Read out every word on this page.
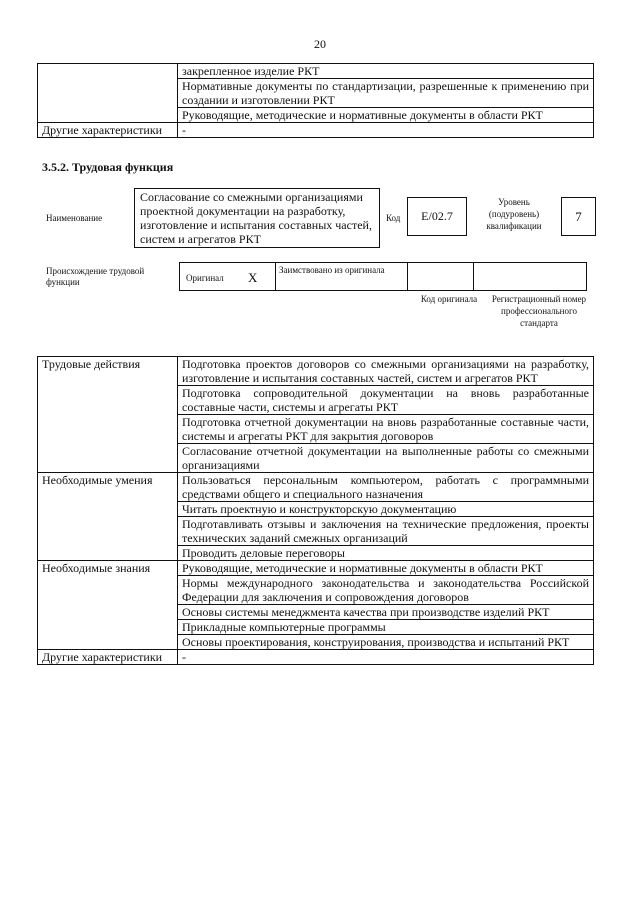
20
	закрепленное изделие РКТ
	Нормативные документы по стандартизации, разрешенные к применению при создании и изготовлении РКТ
	Руководящие, методические и нормативные документы в области РКТ
Другие характеристики	-
3.5.2. Трудовая функция
Наименование
Согласование со смежными организациями проектной документации на разработку, изготовление и испытания составных частей, систем и агрегатов РКТ
Код	E/02.7
Уровень (подуровень) квалификации
7
Происхождение трудовой функции	Оригинал X	Заимствовано из оригинала
Код оригинала	Регистрационный номер профессионального стандарта
Трудовые действия	Подготовка проектов договоров со смежными организациями на разработку, изготовление и испытания составных частей, систем и агрегатов РКТ
	Подготовка сопроводительной документации на вновь разработанные составные части, системы и агрегаты РКТ
	Подготовка отчетной документации на вновь разработанные составные части, системы и агрегаты РКТ для закрытия договоров
	Согласование отчетной документации на выполненные работы со смежными организациями
Необходимые умения	Пользоваться персональным компьютером, работать с программными средствами общего и специального назначения
	Читать проектную и конструкторскую документацию
	Подготавливать отзывы и заключения на технические предложения, проекты технических заданий смежных организаций
	Проводить деловые переговоры
Необходимые знания	Руководящие, методические и нормативные документы в области РКТ
	Нормы международного законодательства и законодательства Российской Федерации для заключения и сопровождения договоров
	Основы системы менеджмента качества при производстве изделий РКТ
	Прикладные компьютерные программы
	Основы проектирования, конструирования, производства и испытаний РКТ
Другие характеристики	-
